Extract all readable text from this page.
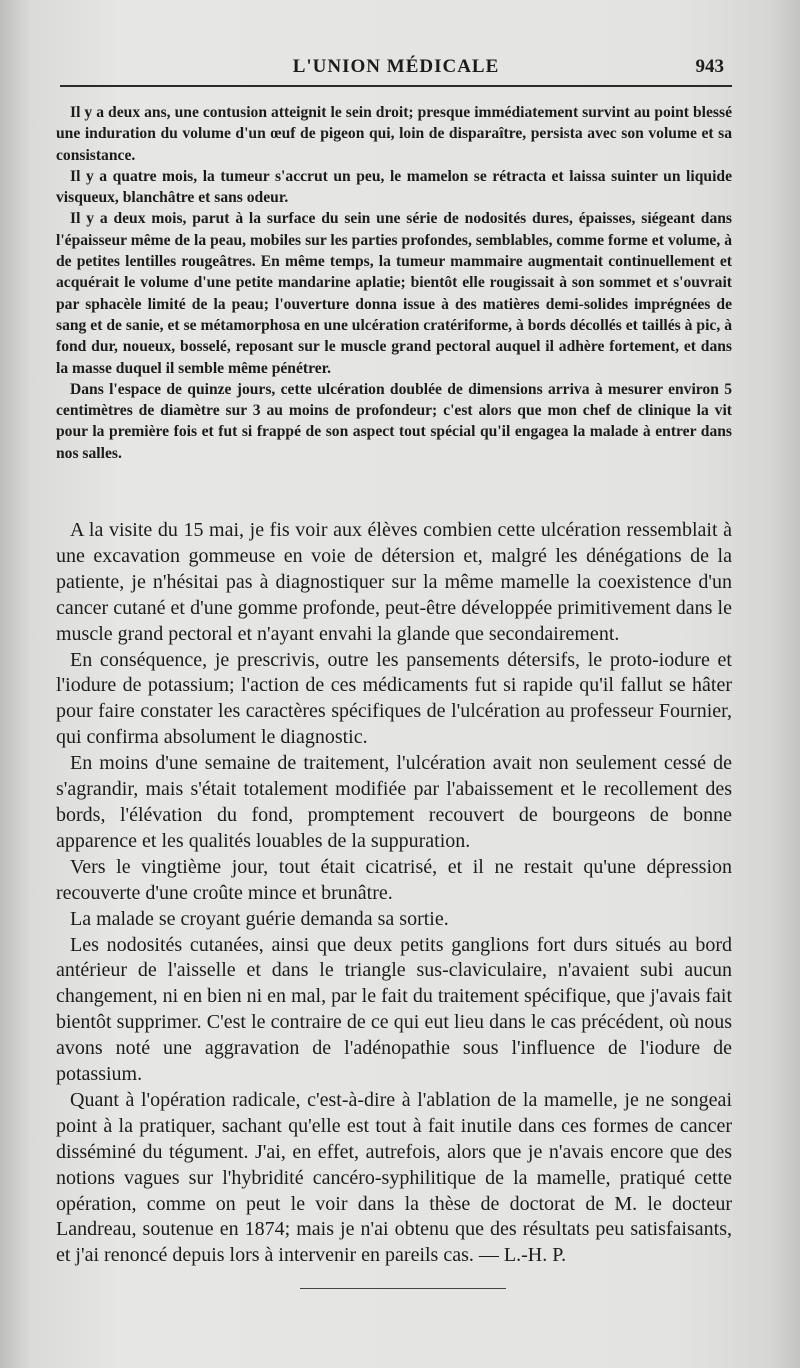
L'UNION MÉDICALE	943

Il y a deux ans, une contusion atteignit le sein droit; presque immédiatement survint au point blessé une induration du volume d'un œuf de pigeon qui, loin de disparaître, persista avec son volume et sa consistance.

Il y a quatre mois, la tumeur s'accrut un peu, le mamelon se rétracta et laissa suinter un liquide visqueux, blanchâtre et sans odeur.

Il y a deux mois, parut à la surface du sein une série de nodosités dures, épaisses, siégeant dans l'épaisseur même de la peau, mobiles sur les parties profondes, semblables, comme forme et volume, à de petites lentilles rougeâtres. En même temps, la tumeur mammaire augmentait continuellement et acquérait le volume d'une petite mandarine aplatie; bientôt elle rougissait à son sommet et s'ouvrait par sphacèle limité de la peau; l'ouverture donna issue à des matières demi-solides imprégnées de sang et de sanie, et se métamorphosa en une ulcération cratériforme, à bords décollés et taillés à pic, à fond dur, noueux, bosselé, reposant sur le muscle grand pectoral auquel il adhère fortement, et dans la masse duquel il semble même pénétrer.

Dans l'espace de quinze jours, cette ulcération doublée de dimensions arriva à mesurer environ 5 centimètres de diamètre sur 3 au moins de profondeur; c'est alors que mon chef de clinique la vit pour la première fois et fut si frappé de son aspect tout spécial qu'il engagea la malade à entrer dans nos salles.

A la visite du 15 mai, je fis voir aux élèves combien cette ulcération ressemblait à une excavation gommeuse en voie de détersion et, malgré les dénégations de la patiente, je n'hésitai pas à diagnostiquer sur la même mamelle la coexistence d'un cancer cutané et d'une gomme profonde, peut-être développée primitivement dans le muscle grand pectoral et n'ayant envahi la glande que secondairement.

En conséquence, je prescrivis, outre les pansements détersifs, le proto-iodure et l'iodure de potassium; l'action de ces médicaments fut si rapide qu'il fallut se hâter pour faire constater les caractères spécifiques de l'ulcération au professeur Fournier, qui confirma absolument le diagnostic.

En moins d'une semaine de traitement, l'ulcération avait non seulement cessé de s'agrandir, mais s'était totalement modifiée par l'abaissement et le recollement des bords, l'élévation du fond, promptement recouvert de bourgeons de bonne apparence et les qualités louables de la suppuration.

Vers le vingtième jour, tout était cicatrisé, et il ne restait qu'une dépression recouverte d'une croûte mince et brunâtre.

La malade se croyant guérie demanda sa sortie.

Les nodosités cutanées, ainsi que deux petits ganglions fort durs situés au bord antérieur de l'aisselle et dans le triangle sus-claviculaire, n'avaient subi aucun changement, ni en bien ni en mal, par le fait du traitement spécifique, que j'avais fait bientôt supprimer. C'est le contraire de ce qui eut lieu dans le cas précédent, où nous avons noté une aggravation de l'adénopathie sous l'influence de l'iodure de potassium.

Quant à l'opération radicale, c'est-à-dire à l'ablation de la mamelle, je ne songeai point à la pratiquer, sachant qu'elle est tout à fait inutile dans ces formes de cancer disséminé du tégument. J'ai, en effet, autrefois, alors que je n'avais encore que des notions vagues sur l'hybridité cancéro-syphilitique de la mamelle, pratiqué cette opération, comme on peut le voir dans la thèse de doctorat de M. le docteur Landreau, soutenue en 1874; mais je n'ai obtenu que des résultats peu satisfaisants, et j'ai renoncé depuis lors à intervenir en pareils cas. — L.-H. P.
